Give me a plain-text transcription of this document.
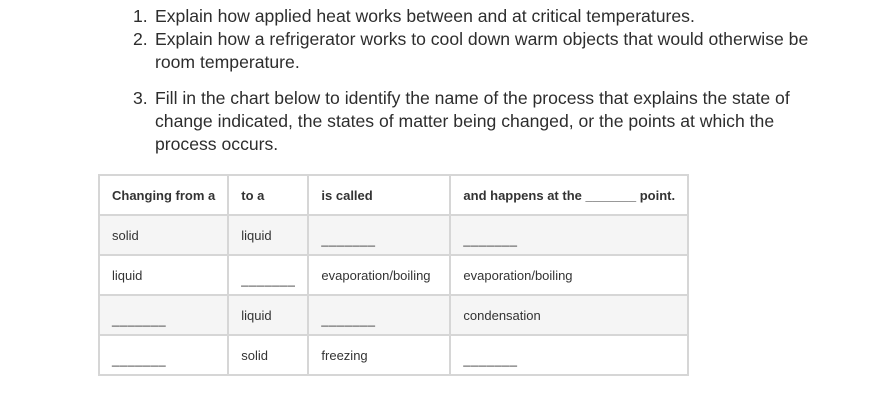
1. Explain how applied heat works between and at critical temperatures.
2. Explain how a refrigerator works to cool down warm objects that would otherwise be room temperature.
3. Fill in the chart below to identify the name of the process that explains the state of change indicated, the states of matter being changed, or the points at which the process occurs.
Changing from a	to a	is called	and happens at the _______ point.
solid	liquid	_______	_______
liquid	_______	evaporation/boiling	evaporation/boiling
_______	liquid	_______	condensation
_______	solid	freezing	_______
